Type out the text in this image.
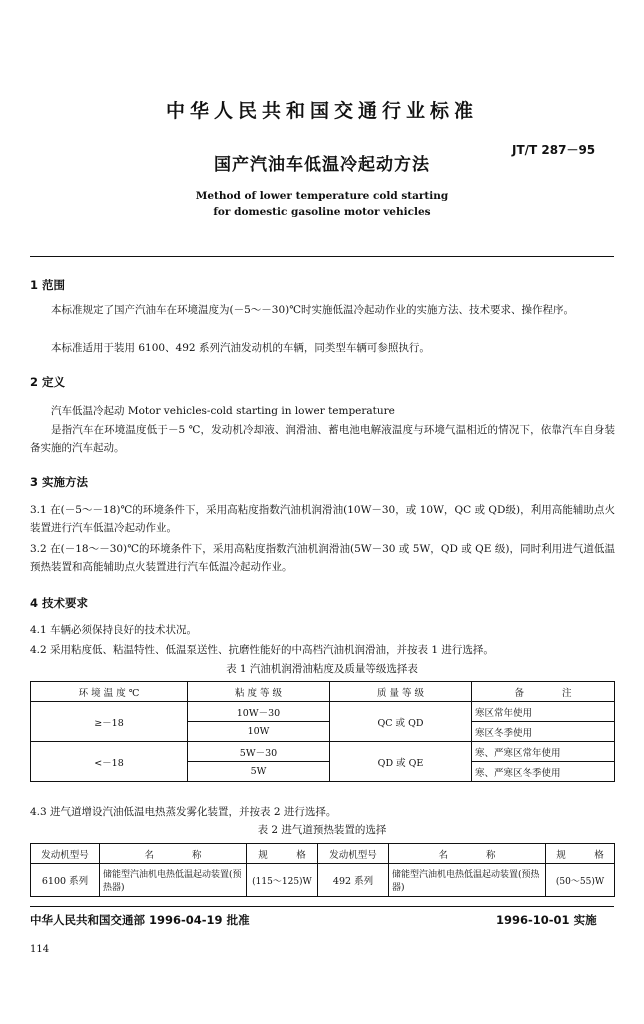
中华人民共和国交通行业标准
JT/T 287－95
国产汽油车低温冷起动方法
Method of lower temperature cold starting
for domestic gasoline motor vehicles
1 范围
本标准规定了国产汽油车在环境温度为(－5～－30)℃时实施低温冷起动作业的实施方法、技术要求、操作程序。
本标准适用于装用 6100、492 系列汽油发动机的车辆，同类型车辆可参照执行。
2 定义
汽车低温冷起动 Motor vehicles-cold starting in lower temperature
是指汽车在环境温度低于－5 ℃，发动机冷却液、润滑油、蓄电池电解液温度与环境气温相近的情况下，依靠汽车自身装备实施的汽车起动。
3 实施方法
3.1 在(－5～－18)℃的环境条件下，采用高粘度指数汽油机润滑油(10W－30，或 10W，QC 或 QD级)，利用高能辅助点火装置进行汽车低温冷起动作业。
3.2 在(－18～－30)℃的环境条件下，采用高粘度指数汽油机润滑油(5W－30 或 5W，QD 或 QE 级)，同时利用进气道低温预热装置和高能辅助点火装置进行汽车低温冷起动作业。
4 技术要求
4.1 车辆必须保持良好的技术状况。
4.2 采用粘度低、粘温特性、低温泵送性、抗磨性能好的中高档汽油机润滑油，并按表 1 进行选择。
表 1 汽油机润滑油粘度及质量等级选择表
环 境 温 度 ℃	粘 度 等 级	质 量 等 级	备　　　　注
≥－18	10W－30	QC 或 QD	寒区常年使用
	10W		寒区冬季使用
<－18	5W－30	QD 或 QE	寒、严寒区常年使用
	5W		寒、严寒区冬季使用
4.3 进气道增设汽油低温电热蒸发雾化装置，并按表 2 进行选择。
表 2 进气道预热装置的选择
发动机型号	名　　　　称	规　　　格	发动机型号	名　　　　称	规　　　格
6100 系列	储能型汽油机电热低温起动装置(预热器)	(115～125)W	492 系列	储能型汽油机电热低温起动装置(预热器)	(50～55)W
中华人民共和国交通部 1996-04-19 批准	1996-10-01 实施
114
